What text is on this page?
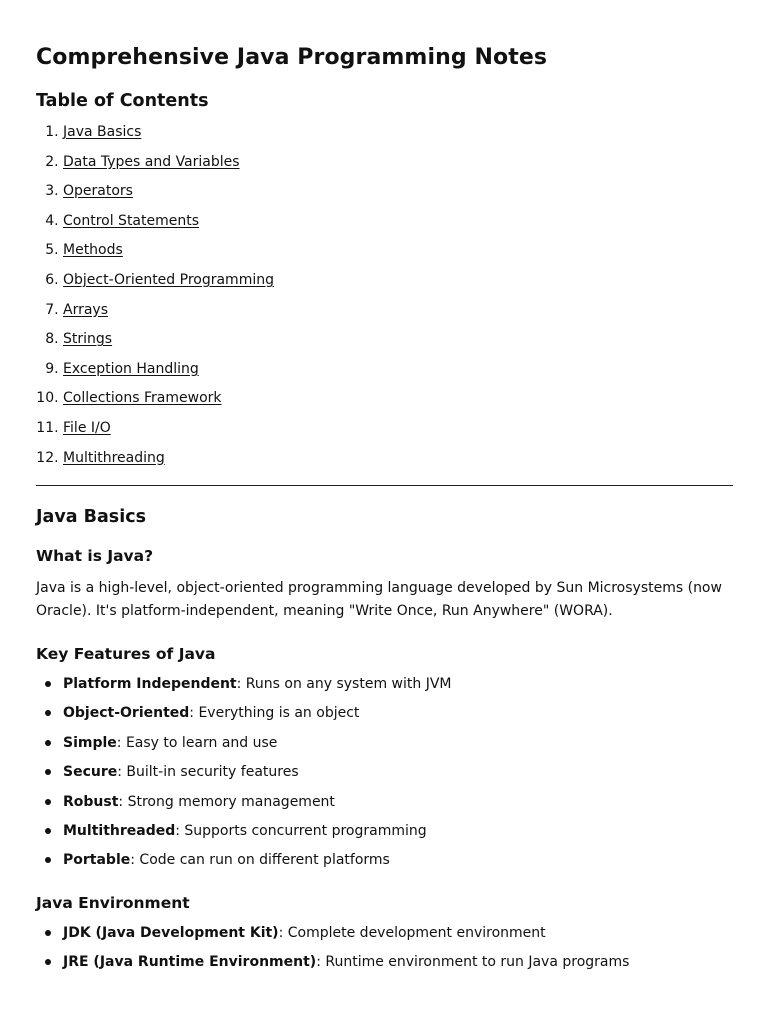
Comprehensive Java Programming Notes
Table of Contents
1. Java Basics
2. Data Types and Variables
3. Operators
4. Control Statements
5. Methods
6. Object-Oriented Programming
7. Arrays
8. Strings
9. Exception Handling
10. Collections Framework
11. File I/O
12. Multithreading
Java Basics
What is Java?

Java is a high-level, object-oriented programming language developed by Sun Microsystems (now Oracle). It's platform-independent, meaning "Write Once, Run Anywhere" (WORA).

Key Features of Java
Platform Independent: Runs on any system with JVM
Object-Oriented: Everything is an object
Simple: Easy to learn and use
Secure: Built-in security features
Robust: Strong memory management
Multithreaded: Supports concurrent programming
Portable: Code can run on different platforms
Java Environment
JDK (Java Development Kit): Complete development environment
JRE (Java Runtime Environment): Runtime environment to run Java programs
